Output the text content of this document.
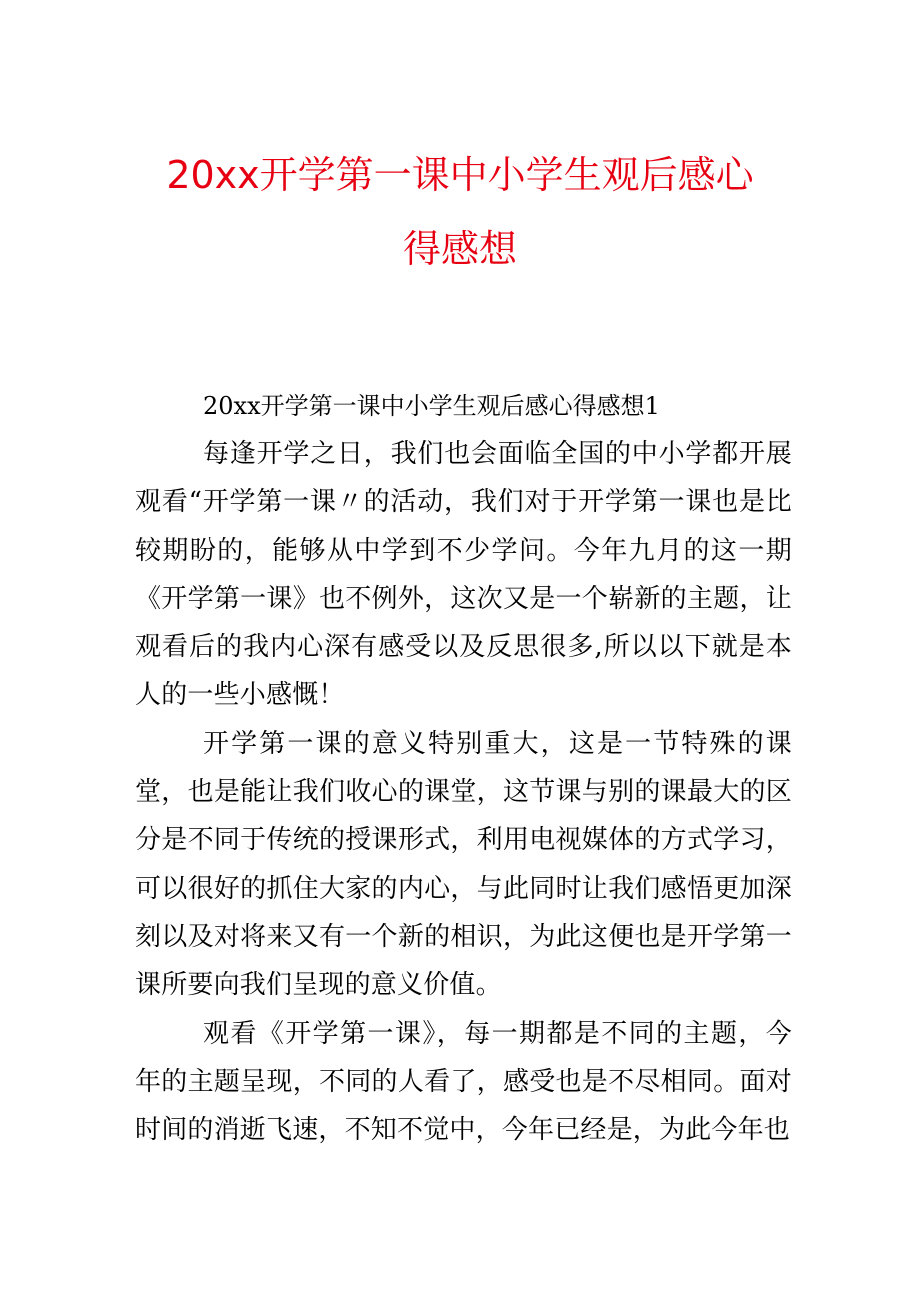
20xx开学第一课中小学生观后感心得感想

20xx开学第一课中小学生观后感心得感想1

每逢开学之日，我们也会面临全国的中小学都开展观看“开学第一课〃的活动，我们对于开学第一课也是比较期盼的，能够从中学到不少学问。今年九月的这一期《开学第一课》也不例外，这次又是一个崭新的主题，让观看后的我内心深有感受以及反思很多,所以以下就是本人的一些小感慨！

开学第一课的意义特别重大，这是一节特殊的课堂，也是能让我们收心的课堂，这节课与别的课最大的区分是不同于传统的授课形式，利用电视媒体的方式学习，可以很好的抓住大家的内心，与此同时让我们感悟更加深刻以及对将来又有一个新的相识，为此这便也是开学第一课所要向我们呈现的意义价值。

观看《开学第一课》，每一期都是不同的主题，今年的主题呈现，不同的人看了，感受也是不尽相同。面对时间的消逝飞速，不知不觉中，今年已经是，为此今年也
